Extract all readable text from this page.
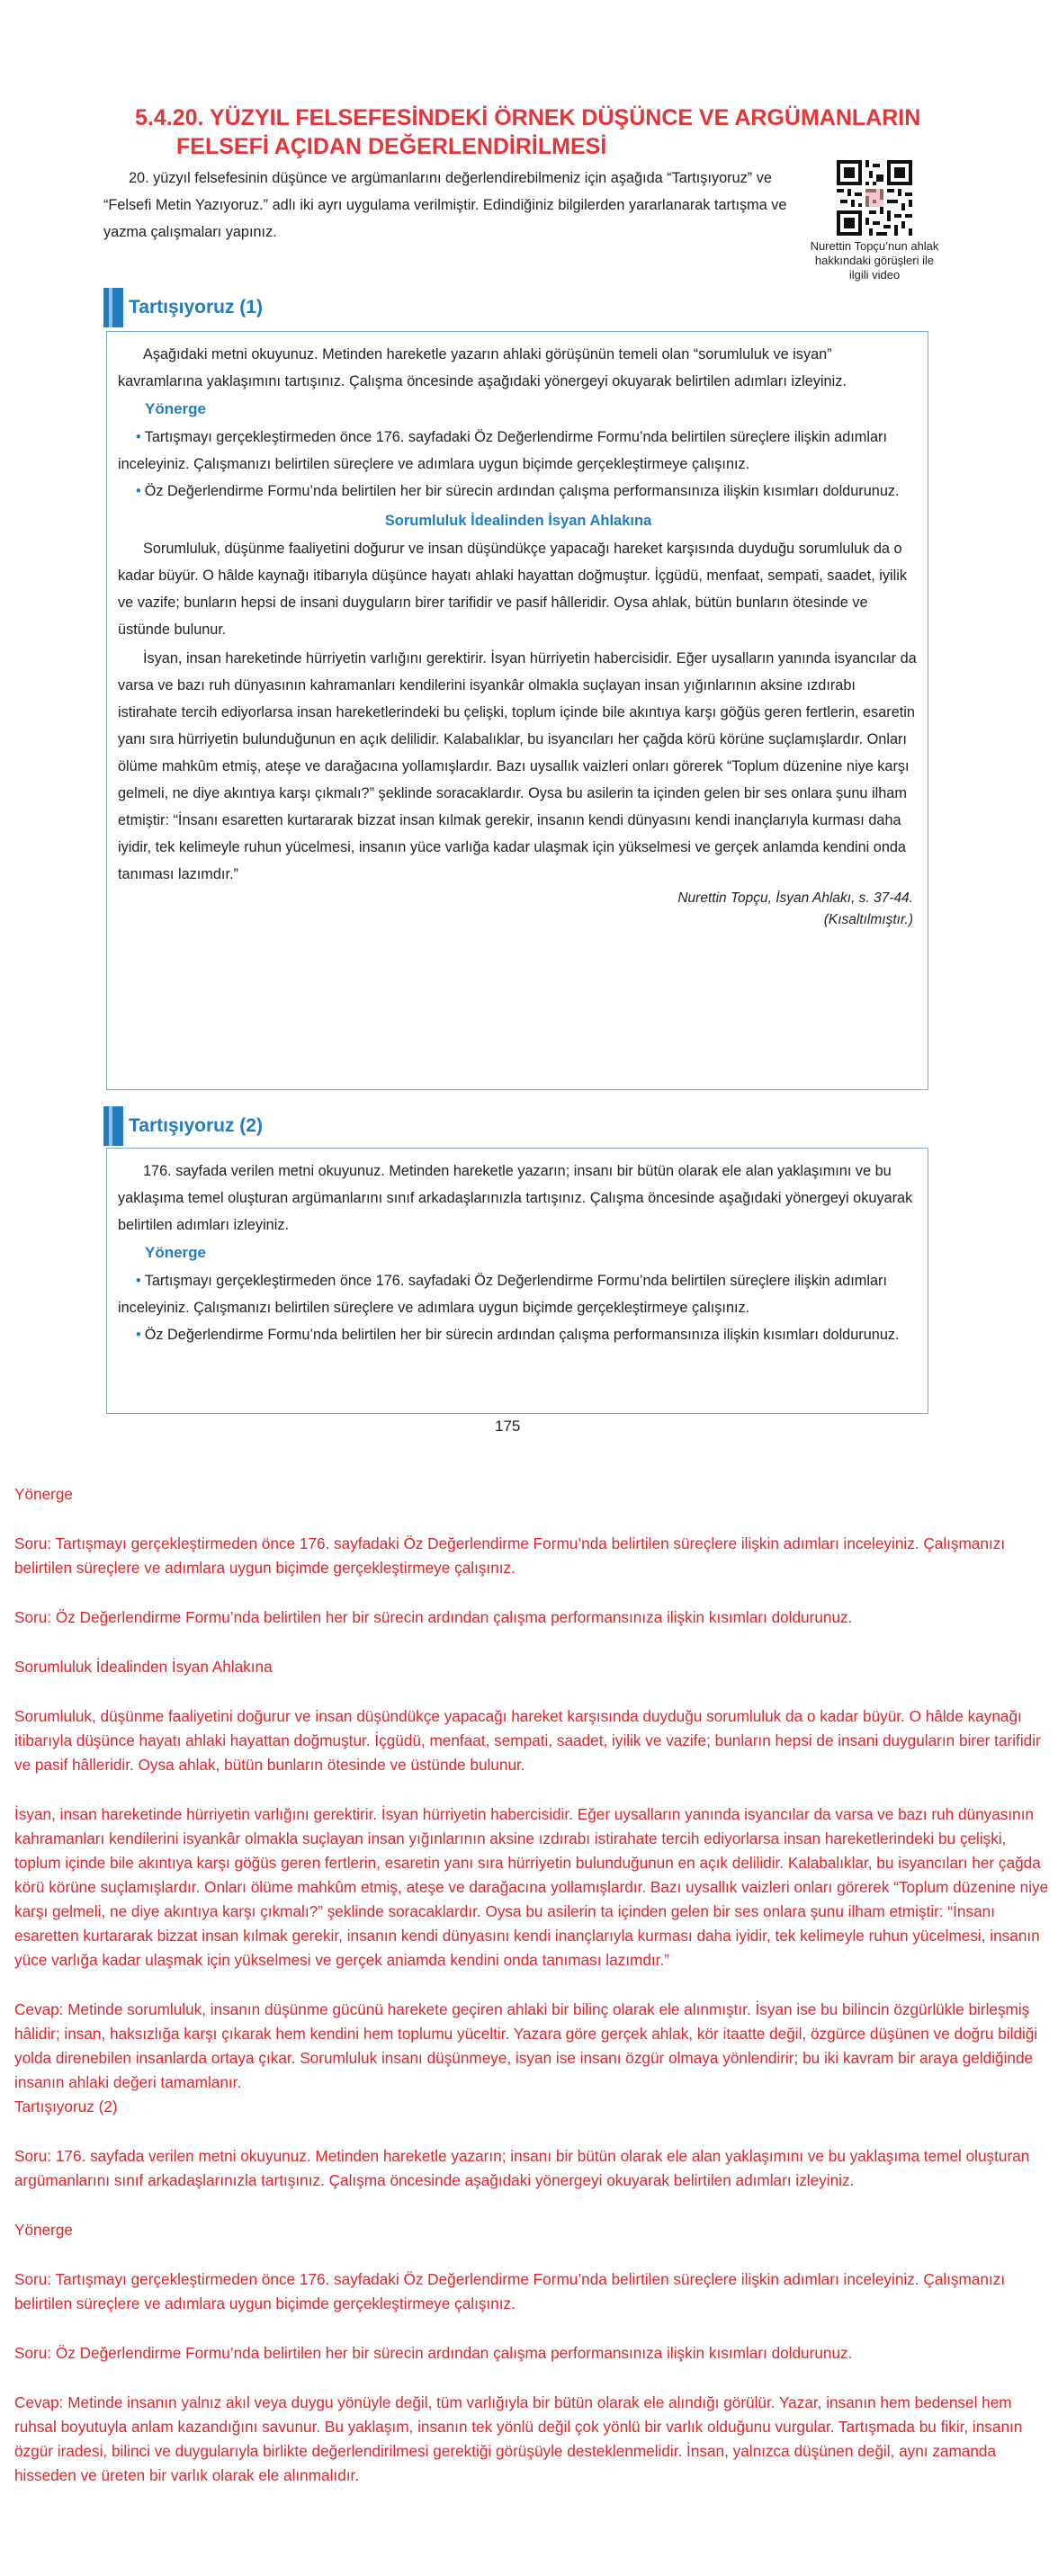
5.4.20. YÜZYIL FELSEFESİNDEKİ ÖRNEK DÜŞÜNCE VE ARGÜMANLARIN
FELSEFİ AÇIDAN DEĞERLENDİRİLMESİ

20. yüzyıl felsefesinin düşünce ve argümanlarını değerlendirebilmeniz için aşağıda “Tartışıyoruz” ve “Felsefi Metin Yazıyoruz.” adlı iki ayrı uygulama verilmiştir. Edindiğiniz bilgilerden yararlanarak tartışma ve yazma çalışmaları yapınız.

Nurettin Topçu’nun ahlak hakkındaki görüşleri ile ilgili video
Tartışıyoruz (1)

Aşağıdaki metni okuyunuz. Metinden hareketle yazarın ahlaki görüşünün temeli olan “sorumluluk ve isyan” kavramlarına yaklaşımını tartışınız. Çalışma öncesinde aşağıdaki yönergeyi okuyarak belirtilen adımları izleyiniz.

Yönerge

• Tartışmayı gerçekleştirmeden önce 176. sayfadaki Öz Değerlendirme Formu’nda belirtilen süreçlere ilişkin adımları inceleyiniz. Çalışmanızı belirtilen süreçlere ve adımlara uygun biçimde gerçekleştirmeye çalışınız.

• Öz Değerlendirme Formu’nda belirtilen her bir sürecin ardından çalışma performansınıza ilişkin kısımları doldurunuz.

Sorumluluk İdealinden İsyan Ahlakına

Sorumluluk, düşünme faaliyetini doğurur ve insan düşündükçe yapacağı hareket karşısında duyduğu sorumluluk da o kadar büyür. O hâlde kaynağı itibarıyla düşünce hayatı ahlaki hayattan doğmuştur. İçgüdü, menfaat, sempati, saadet, iyilik ve vazife; bunların hepsi de insani duyguların birer tarifidir ve pasif hâlleridir. Oysa ahlak, bütün bunların ötesinde ve üstünde bulunur.

İsyan, insan hareketinde hürriyetin varlığını gerektirir. İsyan hürriyetin habercisidir. Eğer uysalların yanında isyancılar da varsa ve bazı ruh dünyasının kahramanları kendilerini isyankâr olmakla suçlayan insan yığınlarının aksine ızdırabı istirahate tercih ediyorlarsa insan hareketlerindeki bu çelişki, toplum içinde bile akıntıya karşı göğüs geren fertlerin, esaretin yanı sıra hürriyetin bulunduğunun en açık delilidir. Kalabalıklar, bu isyancıları her çağda körü körüne suçlamışlardır. Onları ölüme mahkûm etmiş, ateşe ve darağacına yollamışlardır. Bazı uysallık vaizleri onları görerek “Toplum düzenine niye karşı gelmeli, ne diye akıntıya karşı çıkmalı?” şeklinde soracaklardır. Oysa bu asilerin ta içinden gelen bir ses onlara şunu ilham etmiştir: “İnsanı esaretten kurtararak bizzat insan kılmak gerekir, insanın kendi dünyasını kendi inançlarıyla kurması daha iyidir, tek kelimeyle ruhun yücelmesi, insanın yüce varlığa kadar ulaşmak için yükselmesi ve gerçek anlamda kendini onda tanıması lazımdır.”

Nurettin Topçu, İsyan Ahlakı, s. 37-44.

(Kısaltılmıştır.)

Tartışıyoruz (2)

176. sayfada verilen metni okuyunuz. Metinden hareketle yazarın; insanı bir bütün olarak ele alan yaklaşımını ve bu yaklaşıma temel oluşturan argümanlarını sınıf arkadaşlarınızla tartışınız. Çalışma öncesinde aşağıdaki yönergeyi okuyarak belirtilen adımları izleyiniz.

Yönerge

• Tartışmayı gerçekleştirmeden önce 176. sayfadaki Öz Değerlendirme Formu’nda belirtilen süreçlere ilişkin adımları inceleyiniz. Çalışmanızı belirtilen süreçlere ve adımlara uygun biçimde gerçekleştirmeye çalışınız.

• Öz Değerlendirme Formu’nda belirtilen her bir sürecin ardından çalışma performansınıza ilişkin kısımları doldurunuz.

175

Yönerge

Soru: Tartışmayı gerçekleştirmeden önce 176. sayfadaki Öz Değerlendirme Formu’nda belirtilen süreçlere ilişkin adımları inceleyiniz. Çalışmanızı belirtilen süreçlere ve adımlara uygun biçimde gerçekleştirmeye çalışınız.

Soru: Öz Değerlendirme Formu’nda belirtilen her bir sürecin ardından çalışma performansınıza ilişkin kısımları doldurunuz.

Sorumluluk İdealinden İsyan Ahlakına

Sorumluluk, düşünme faaliyetini doğurur ve insan düşündükçe yapacağı hareket karşısında duyduğu sorumluluk da o kadar büyür. O hâlde kaynağı itibarıyla düşünce hayatı ahlaki hayattan doğmuştur. İçgüdü, menfaat, sempati, saadet, iyilik ve vazife; bunların hepsi de insani duyguların birer tarifidir ve pasif hâlleridir. Oysa ahlak, bütün bunların ötesinde ve üstünde bulunur.

İsyan, insan hareketinde hürriyetin varlığını gerektirir. İsyan hürriyetin habercisidir. Eğer uysalların yanında isyancılar da varsa ve bazı ruh dünyasının kahramanları kendilerini isyankâr olmakla suçlayan insan yığınlarının aksine ızdırabı istirahate tercih ediyorlarsa insan hareketlerindeki bu çelişki, toplum içinde bile akıntıya karşı göğüs geren fertlerin, esaretin yanı sıra hürriyetin bulunduğunun en açık delilidir. Kalabalıklar, bu isyancıları her çağda körü körüne suçlamışlardır. Onları ölüme mahkûm etmiş, ateşe ve darağacına yollamışlardır. Bazı uysallık vaizleri onları görerek “Toplum düzenine niye karşı gelmeli, ne diye akıntıya karşı çıkmalı?” şeklinde soracaklardır. Oysa bu asilerin ta içinden gelen bir ses onlara şunu ilham etmiştir: “İnsanı esaretten kurtararak bizzat insan kılmak gerekir, insanın kendi dünyasını kendi inançlarıyla kurması daha iyidir, tek kelimeyle ruhun yücelmesi, insanın yüce varlığa kadar ulaşmak için yükselmesi ve gerçek aniamda kendini onda tanıması lazımdır.”

Cevap: Metinde sorumluluk, insanın düşünme gücünü harekete geçiren ahlaki bir bilinç olarak ele alınmıştır. İsyan ise bu bilincin özgürlükle birleşmiş hâlidir; insan, haksızlığa karşı çıkarak hem kendini hem toplumu yüceltir. Yazara göre gerçek ahlak, kör itaatte değil, özgürce düşünen ve doğru bildiği yolda direnebilen insanlarda ortaya çıkar. Sorumluluk insanı düşünmeye, isyan ise insanı özgür olmaya yönlendirir; bu iki kavram bir araya geldiğinde insanın ahlaki değeri tamamlanır.

Tartışıyoruz (2)

Soru: 176. sayfada verilen metni okuyunuz. Metinden hareketle yazarın; insanı bir bütün olarak ele alan yaklaşımını ve bu yaklaşıma temel oluşturan argümanlarını sınıf arkadaşlarınızla tartışınız. Çalışma öncesinde aşağıdaki yönergeyi okuyarak belirtilen adımları izleyiniz.

Yönerge

Soru: Tartışmayı gerçekleştirmeden önce 176. sayfadaki Öz Değerlendirme Formu’nda belirtilen süreçlere ilişkin adımları inceleyiniz. Çalışmanızı belirtilen süreçlere ve adımlara uygun biçimde gerçekleştirmeye çalışınız.

Soru: Öz Değerlendirme Formu’nda belirtilen her bir sürecin ardından çalışma performansınıza ilişkin kısımları doldurunuz.

Cevap: Metinde insanın yalnız akıl veya duygu yönüyle değil, tüm varlığıyla bir bütün olarak ele alındığı görülür. Yazar, insanın hem bedensel hem ruhsal boyutuyla anlam kazandığını savunur. Bu yaklaşım, insanın tek yönlü değil çok yönlü bir varlık olduğunu vurgular. Tartışmada bu fikir, insanın özgür iradesi, bilinci ve duygularıyla birlikte değerlendirilmesi gerektiği görüşüyle desteklenmelidir. İnsan, yalnızca düşünen değil, aynı zamanda hisseden ve üreten bir varlık olarak ele alınmalıdır.
